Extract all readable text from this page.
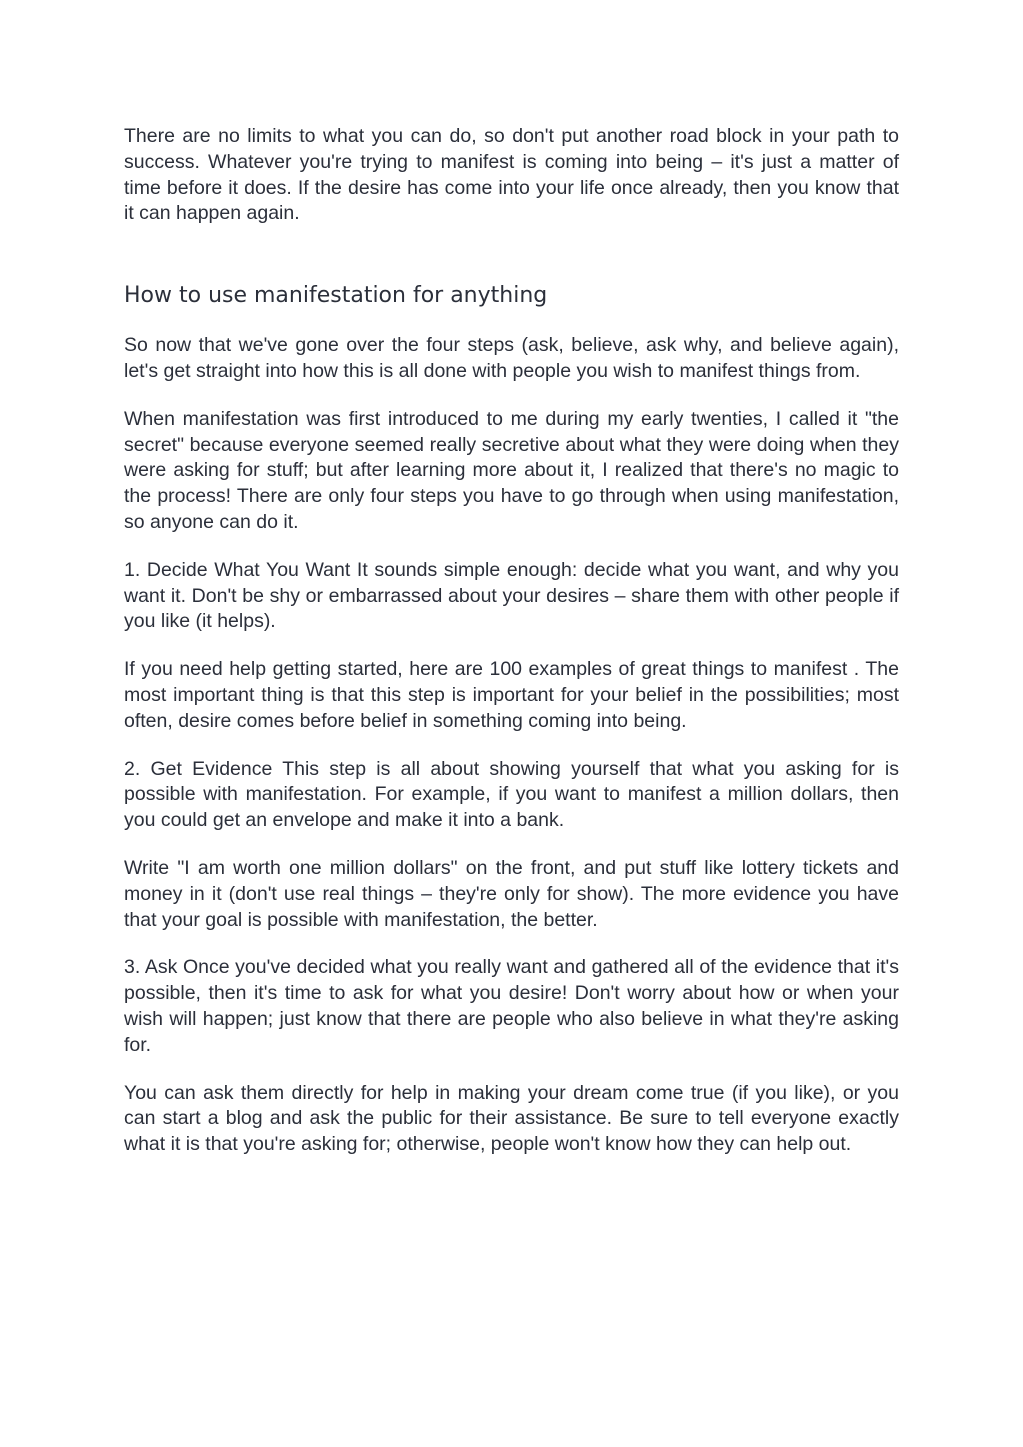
There are no limits to what you can do, so don't put another road block in your path to success. Whatever you're trying to manifest is coming into being – it's just a matter of time before it does. If the desire has come into your life once already, then you know that it can happen again.

How to use manifestation for anything

So now that we've gone over the four steps (ask, believe, ask why, and believe again), let's get straight into how this is all done with people you wish to manifest things from.

When manifestation was first introduced to me during my early twenties, I called it "the secret" because everyone seemed really secretive about what they were doing when they were asking for stuff; but after learning more about it, I realized that there's no magic to the process! There are only four steps you have to go through when using manifestation, so anyone can do it.

1. Decide What You Want It sounds simple enough: decide what you want, and why you want it. Don't be shy or embarrassed about your desires – share them with other people if you like (it helps).

If you need help getting started, here are 100 examples of great things to manifest . The most important thing is that this step is important for your belief in the possibilities; most often, desire comes before belief in something coming into being.

2. Get Evidence This step is all about showing yourself that what you asking for is possible with manifestation. For example, if you want to manifest a million dollars, then you could get an envelope and make it into a bank.

Write "I am worth one million dollars" on the front, and put stuff like lottery tickets and money in it (don't use real things – they're only for show). The more evidence you have that your goal is possible with manifestation, the better.

3. Ask Once you've decided what you really want and gathered all of the evidence that it's possible, then it's time to ask for what you desire! Don't worry about how or when your wish will happen; just know that there are people who also believe in what they're asking for.

You can ask them directly for help in making your dream come true (if you like), or you can start a blog and ask the public for their assistance. Be sure to tell everyone exactly what it is that you're asking for; otherwise, people won't know how they can help out.
